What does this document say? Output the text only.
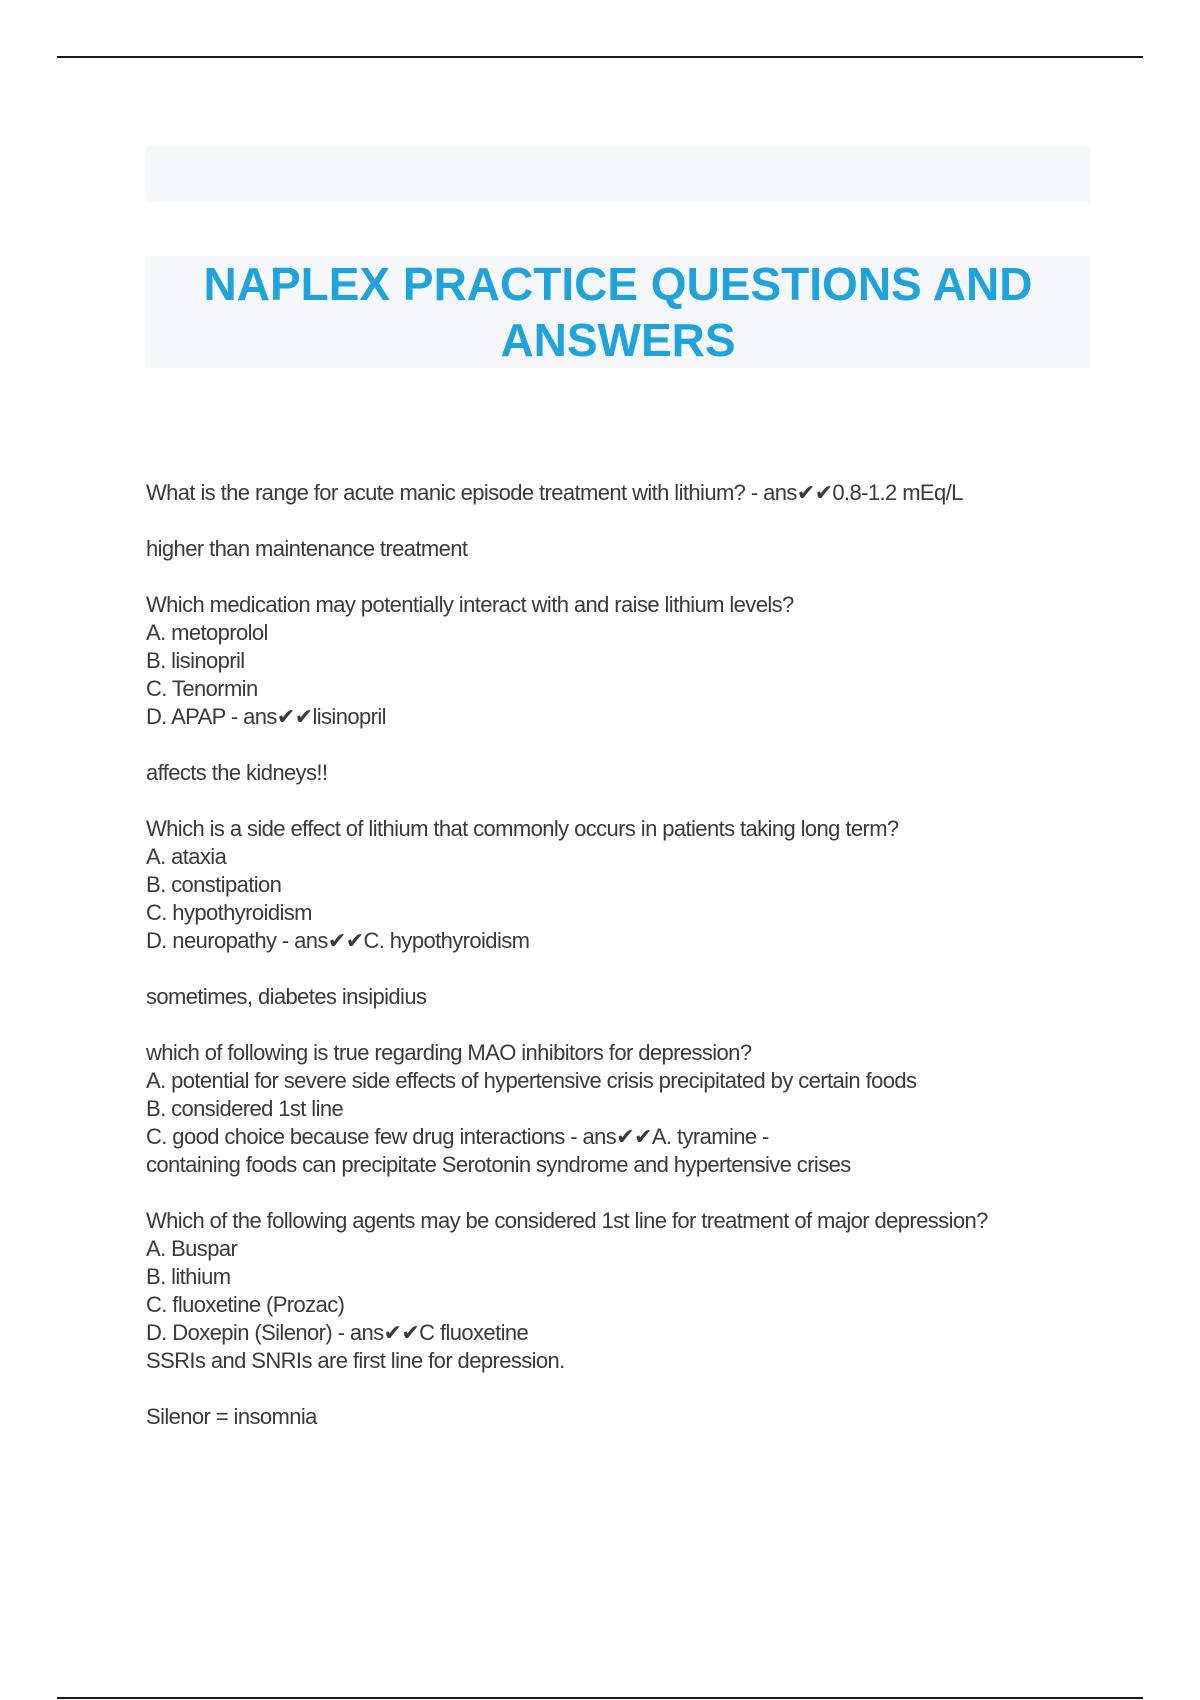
NAPLEX PRACTICE QUESTIONS AND
ANSWERS
What is the range for acute manic episode treatment with lithium? - ans✔✔0.8-1.2 mEq/L
higher than maintenance treatment
Which medication may potentially interact with and raise lithium levels?
A. metoprolol
B. lisinopril
C. Tenormin
D. APAP - ans✔✔lisinopril
affects the kidneys!!
Which is a side effect of lithium that commonly occurs in patients taking long term?
A. ataxia
B. constipation
C. hypothyroidism
D. neuropathy - ans✔✔C. hypothyroidism
sometimes, diabetes insipidius
which of following is true regarding MAO inhibitors for depression?
A. potential for severe side effects of hypertensive crisis precipitated by certain foods
B. considered 1st line
C. good choice because few drug interactions - ans✔✔A. tyramine -
containing foods can precipitate Serotonin syndrome and hypertensive crises
Which of the following agents may be considered 1st line for treatment of major depression?
A. Buspar
B. lithium
C. fluoxetine (Prozac)
D. Doxepin (Silenor) - ans✔✔C fluoxetine
SSRIs and SNRIs are first line for depression.
Silenor = insomnia
